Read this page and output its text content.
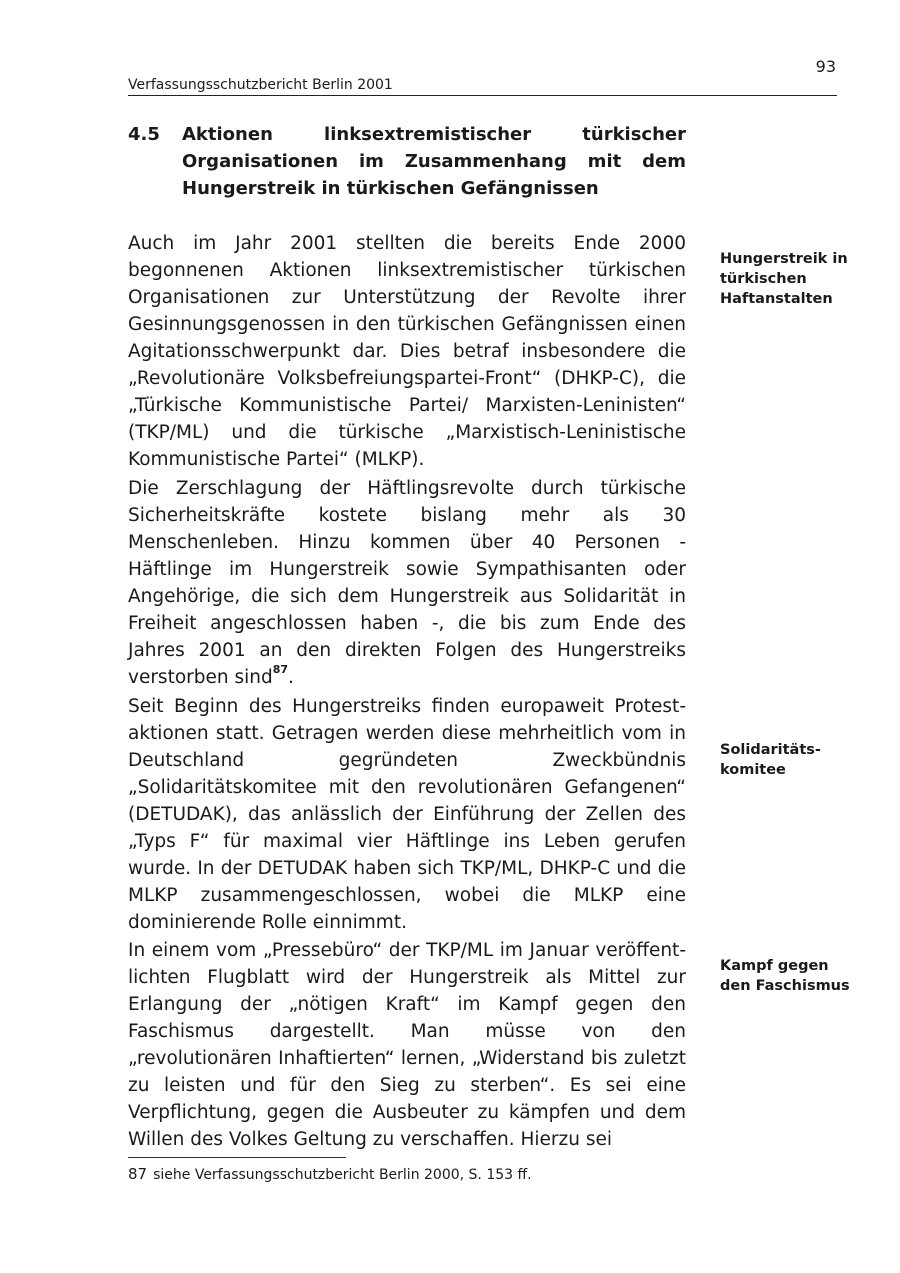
93
Verfassungsschutzbericht Berlin 2001
4.5	Aktionen linksextremistischer türkischer Organisationen im Zusammenhang mit dem Hungerstreik in türkischen Gefängnissen

Auch im Jahr 2001 stellten die bereits Ende 2000 begonnenen Aktionen linksextremistischer türkischen Organisationen zur Unterstützung der Revolte ihrer Gesinnungsgenossen in den türkischen Gefängnissen einen Agitationsschwerpunkt dar. Dies betraf insbesondere die „Revolutionäre Volksbefreiungspartei-Front“ (DHKP-C), die „Türkische Kommunistische Partei/ Marxisten-Leninisten“ (TKP/ML) und die türkische „Marxistisch-Leninistische Kommunistische Partei“ (MLKP).

Die Zerschlagung der Häftlingsrevolte durch türkische Sicherheitskräfte kostete bislang mehr als 30 Menschenleben. Hinzu kommen über 40 Personen - Häftlinge im Hungerstreik sowie Sympathisanten oder Angehörige, die sich dem Hungerstreik aus Solidarität in Freiheit angeschlossen haben -, die bis zum Ende des Jahres 2001 an den direkten Folgen des Hungerstreiks verstorben sind$^{87}$.

Seit Beginn des Hungerstreiks finden europaweit Protestaktionen statt. Getragen werden diese mehrheitlich vom in Deutschland gegründeten Zweckbündnis „Solidaritätskomitee mit den revolutionären Gefangenen“ (DETUDAK), das anlässlich der Einführung der Zellen des „Typs F“ für maximal vier Häftlinge ins Leben gerufen wurde. In der DETUDAK haben sich TKP/ML, DHKP-C und die MLKP zusammengeschlossen, wobei die MLKP eine dominierende Rolle einnimmt.

In einem vom „Pressebüro“ der TKP/ML im Januar veröffentlichten Flugblatt wird der Hungerstreik als Mittel zur Erlangung der „nötigen Kraft“ im Kampf gegen den Faschismus dargestellt. Man müsse von den „revolutionären Inhaftierten“ lernen, „Widerstand bis zuletzt zu leisten und für den Sieg zu sterben“. Es sei eine Verpflichtung, gegen die Ausbeuter zu kämpfen und dem Willen des Volkes Geltung zu verschaffen. Hierzu sei

Hungerstreik in türkischen Haftanstalten
Solidaritäts-komitee
Kampf gegen den Faschismus
87 siehe Verfassungsschutzbericht Berlin 2000, S. 153 ff.
